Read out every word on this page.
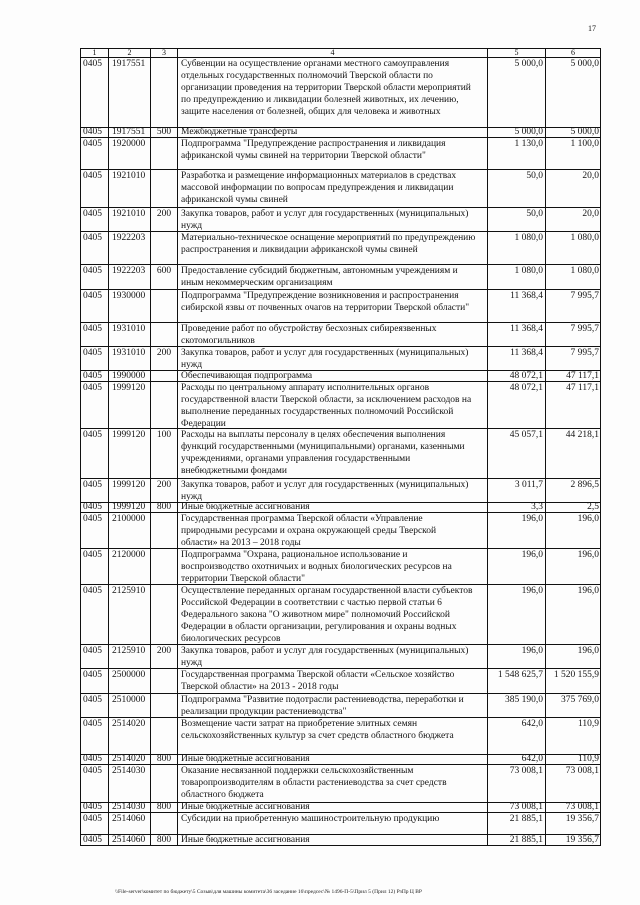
17
1	2	3	4	5	6
0405	1917551	Субвенции на осуществление органами местного самоуправления
отдельных государственных полномочий Тверской области по
организации проведения на территории Тверской области мероприятий
по предупреждению и ликвидации болезней животных, их лечению,
защите населения от болезней, общих для человека и животных
5 000,0	5 000,0
0405	1917551	500	Межбюджетные трансферты	5 000,0	5 000,0
0405	1920000	Подпрограмма "Предупреждение распространения и ликвидация
африканской чумы свиней на территории Тверской области"
1 130,0	1 100,0
0405	1921010	Разработка и размещение информационных материалов в средствах
массовой информации по вопросам предупреждения и ликвидации
африканской чумы свиней
50,0	20,0
0405	1921010	200	Закупка товаров, работ и услуг для государственных (муниципальных)
нужд
50,0	20,0
0405	1922203	Материально-техническое оснащение мероприятий по предупреждению
распространения и ликвидации африканской чумы свиней
1 080,0	1 080,0
0405	1922203	600	Предоставление субсидий бюджетным, автономным учреждениям и
иным некоммерческим организациям
1 080,0	1 080,0
0405	1930000	Подпрограмма "Предупреждение возникновения и распространения
сибирской язвы от почвенных очагов на территории Тверской области"
11 368,4	7 995,7
0405	1931010	Проведение работ по обустройству бесхозных сибиреязвенных
скотомогильников
11 368,4	7 995,7
0405	1931010	200	Закупка товаров, работ и услуг для государственных (муниципальных)
нужд
11 368,4	7 995,7
0405	1990000	Обеспечивающая подпрограмма	48 072,1	47 117,1
0405	1999120	Расходы по центральному аппарату исполнительных органов
государственной власти Тверской области, за исключением расходов на
выполнение переданных государственных полномочий Российской
Федерации
48 072,1	47 117,1
0405	1999120	100	Расходы на выплаты персоналу в целях обеспечения выполнения
функций государственными (муниципальными) органами, казенными
учреждениями, органами управления государственными
внебюджетными фондами
45 057,1	44 218,1
0405	1999120	200	Закупка товаров, работ и услуг для государственных (муниципальных)
нужд
3 011,7	2 896,5
0405	1999120	800	Иные бюджетные ассигнования	3,3	2,5
0405	2100000	Государственная программа Тверской области «Управление
природными ресурсами и охрана окружающей среды Тверской
области» на 2013 – 2018 годы
196,0	196,0
0405	2120000	Подпрограмма "Охрана, рациональное использование и
воспроизводство охотничьих и водных биологических ресурсов на
территории Тверской области"
196,0	196,0
0405	2125910	Осуществление переданных органам государственной власти субъектов
Российской Федерации в соответствии с частью первой статьи 6
Федерального закона "О животном мире" полномочий Российской
Федерации в области организации, регулирования и охраны водных
биологических ресурсов
196,0	196,0
0405	2125910	200	Закупка товаров, работ и услуг для государственных (муниципальных)
нужд
196,0	196,0
0405	2500000	Государственная программа Тверской области «Сельское хозяйство
Тверской области» на 2013 - 2018 годы
1 548 625,7	1 520 155,9
0405	2510000	Подпрограмма "Развитие подотрасли растениеводства, переработки и
реализации продукции растениеводства"
385 190,0	375 769,0
0405	2514020	Возмещение части затрат на приобретение элитных семян
сельскохозяйственных культур за счет средств областного бюджета
642,0	110,9
0405	2514020	800	Иные бюджетные ассигнования	642,0	110,9
0405	2514030	Оказание несвязанной поддержки сельскохозяйственным
товаропроизводителям в области растениеводства за счет средств
областного бюджета
73 008,1	73 008,1
0405	2514030	800	Иные бюджетные ассигнования	73 008,1	73 008,1
0405	2514060	Субсидии на приобретенную машиностроительную продукцию	21 885,1	19 356,7
0405	2514060	800	Иные бюджетные ассигнования	21 885,1	19 356,7
\\File-server\комитет по бюджету\5 Созыв\для машины комитета\36 заседание 16\предсес\№ 1496-П-5\Прил 5 (Прил 12) РзПр Ц ВР
